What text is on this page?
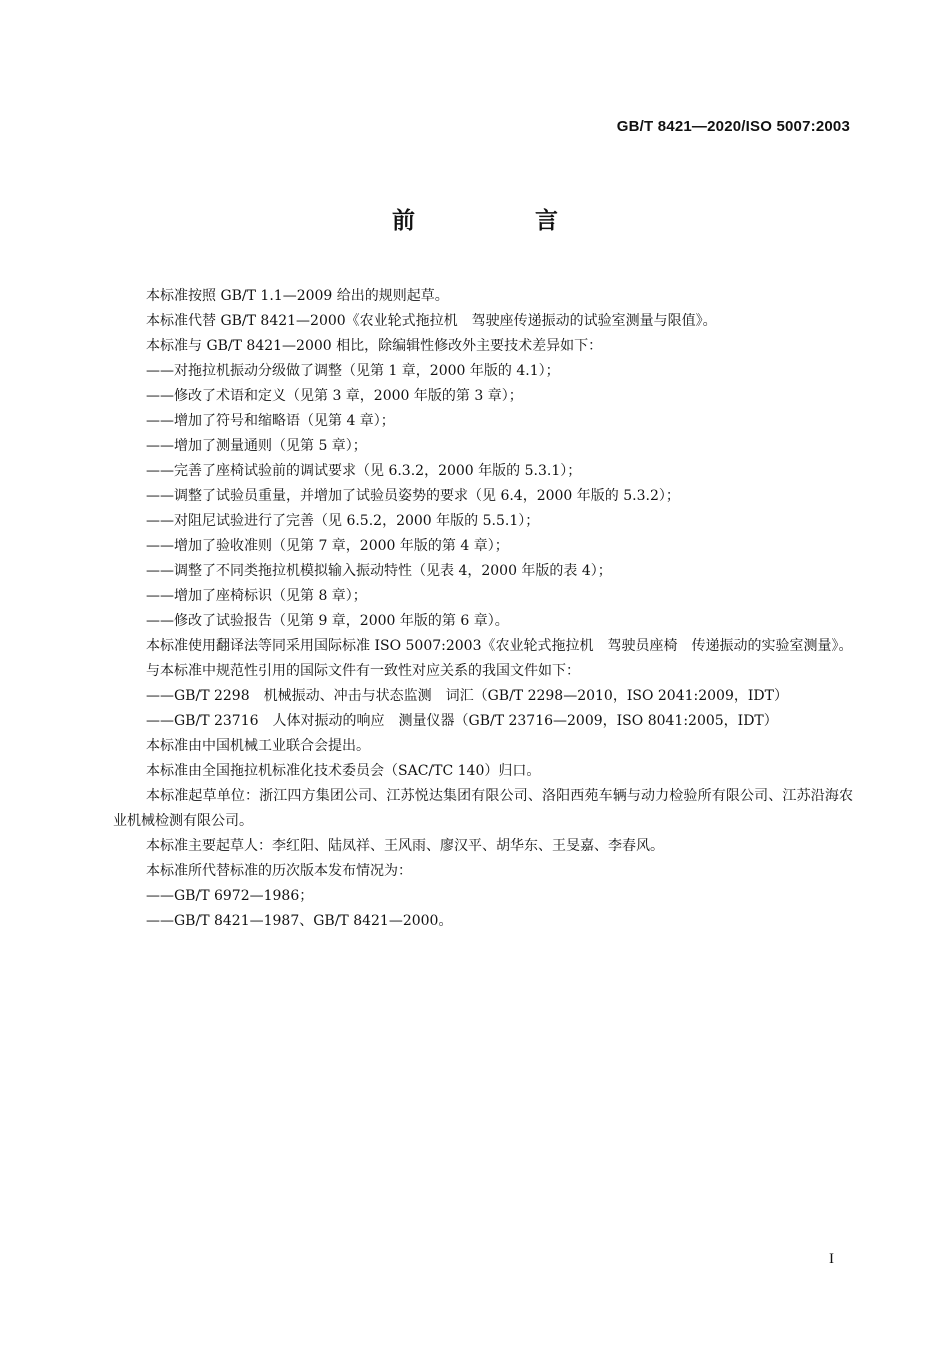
GB/T 8421—2020/ISO 5007:2003
前 言

本标准按照 GB/T 1.1—2009 给出的规则起草。

本标准代替 GB/T 8421—2000《农业轮式拖拉机　驾驶座传递振动的试验室测量与限值》。

本标准与 GB/T 8421—2000 相比，除编辑性修改外主要技术差异如下：

——对拖拉机振动分级做了调整（见第 1 章，2000 年版的 4.1）；

——修改了术语和定义（见第 3 章，2000 年版的第 3 章）；

——增加了符号和缩略语（见第 4 章）；

——增加了测量通则（见第 5 章）；

——完善了座椅试验前的调试要求（见 6.3.2，2000 年版的 5.3.1）；

——调整了试验员重量，并增加了试验员姿势的要求（见 6.4，2000 年版的 5.3.2）；

——对阻尼试验进行了完善（见 6.5.2，2000 年版的 5.5.1）；

——增加了验收准则（见第 7 章，2000 年版的第 4 章）；

——调整了不同类拖拉机模拟输入振动特性（见表 4，2000 年版的表 4）；

——增加了座椅标识（见第 8 章）；

——修改了试验报告（见第 9 章，2000 年版的第 6 章）。

本标准使用翻译法等同采用国际标准 ISO 5007:2003《农业轮式拖拉机　驾驶员座椅　传递振动的实验室测量》。

与本标准中规范性引用的国际文件有一致性对应关系的我国文件如下：

——GB/T 2298　机械振动、冲击与状态监测　词汇（GB/T 2298—2010，ISO 2041:2009，IDT）

——GB/T 23716　人体对振动的响应　测量仪器（GB/T 23716—2009，ISO 8041:2005，IDT）

本标准由中国机械工业联合会提出。

本标准由全国拖拉机标准化技术委员会（SAC/TC 140）归口。

本标准起草单位：浙江四方集团公司、江苏悦达集团有限公司、洛阳西苑车辆与动力检验所有限公司、江苏沿海农业机械检测有限公司。

本标准主要起草人：李红阳、陆凤祥、王风雨、廖汉平、胡华东、王旻嘉、李春风。

本标准所代替标准的历次版本发布情况为：

——GB/T 6972—1986；

——GB/T 8421—1987、GB/T 8421—2000。

I
